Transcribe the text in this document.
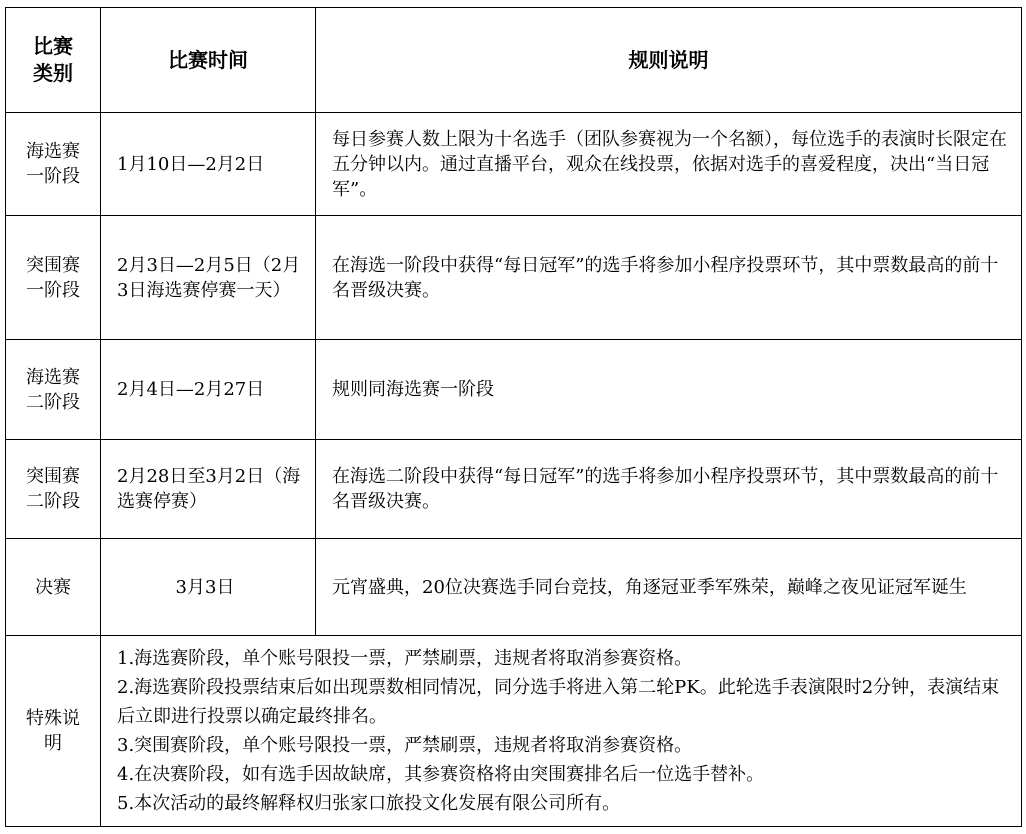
比赛类别	比赛时间	规则说明
海选赛一阶段	1月10日—2月2日	每日参赛人数上限为十名选手（团队参赛视为一个名额），每位选手的表演时长限定在五分钟以内。通过直播平台，观众在线投票，依据对选手的喜爱程度，决出“当日冠军”。
突围赛一阶段	2月3日—2月5日（2月3日海选赛停赛一天）	在海选一阶段中获得“每日冠军”的选手将参加小程序投票环节，其中票数最高的前十名晋级决赛。
海选赛二阶段	2月4日—2月27日	规则同海选赛一阶段
突围赛二阶段	2月28日至3月2日（海选赛停赛）	在海选二阶段中获得“每日冠军”的选手将参加小程序投票环节，其中票数最高的前十名晋级决赛。
决赛	3月3日	元宵盛典，20位决赛选手同台竞技，角逐冠亚季军殊荣，巅峰之夜见证冠军诞生
特殊说明	1.海选赛阶段，单个账号限投一票，严禁刷票，违规者将取消参赛资格。
2.海选赛阶段投票结束后如出现票数相同情况，同分选手将进入第二轮PK。此轮选手表演限时2分钟，表演结束后立即进行投票以确定最终排名。
3.突围赛阶段，单个账号限投一票，严禁刷票，违规者将取消参赛资格。
4.在决赛阶段，如有选手因故缺席，其参赛资格将由突围赛排名后一位选手替补。
5.本次活动的最终解释权归张家口旅投文化发展有限公司所有。	
